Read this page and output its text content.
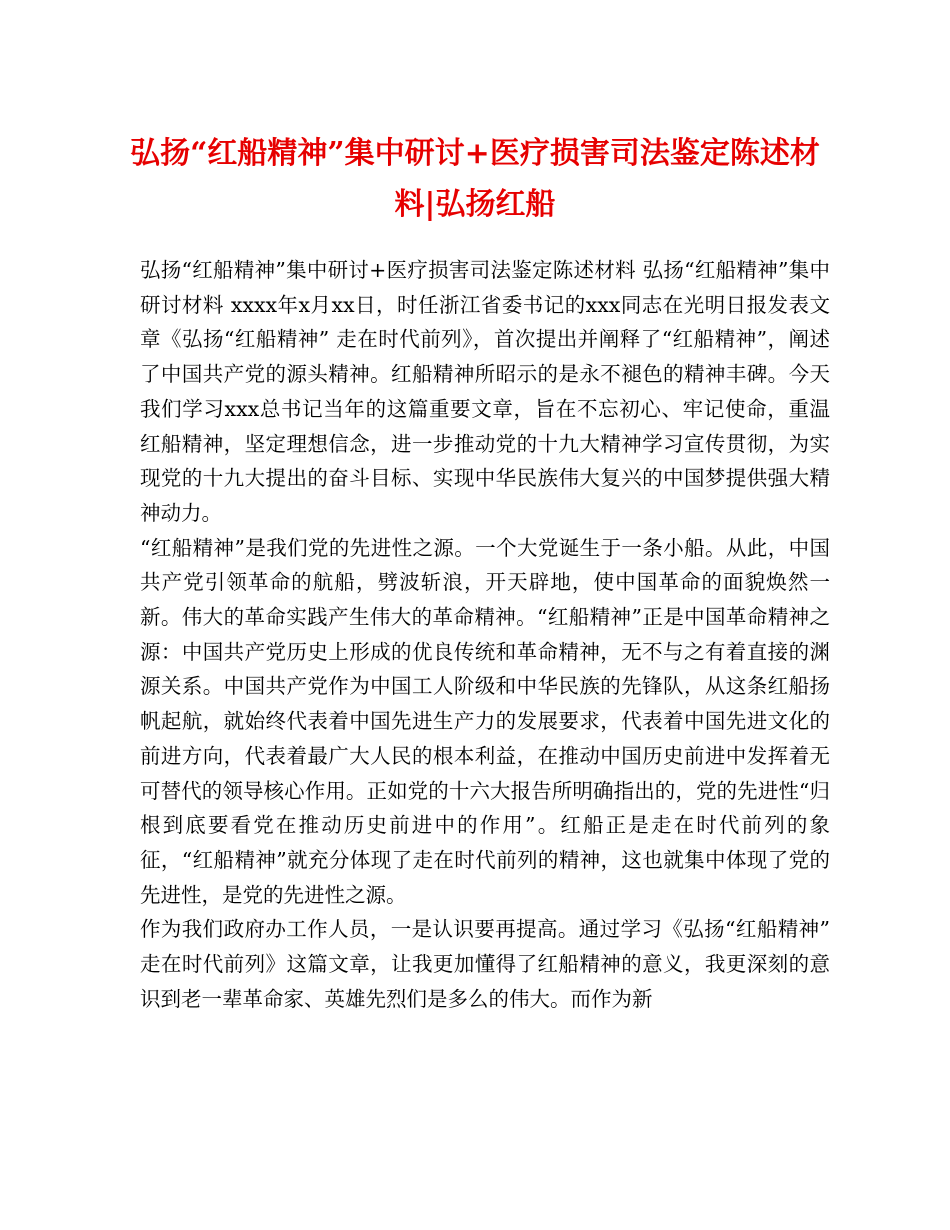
弘扬“红船精神”集中研讨+医疗损害司法鉴定陈述材料|弘扬红船

弘扬“红船精神”集中研讨+医疗损害司法鉴定陈述材料 弘扬“红船精神”集中研讨材料 xxxx年x月xx日，时任浙江省委书记的xxx同志在光明日报发表文章《弘扬“红船精神” 走在时代前列》，首次提出并阐释了“红船精神”，阐述了中国共产党的源头精神。红船精神所昭示的是永不褪色的精神丰碑。今天我们学习xxx总书记当年的这篇重要文章，旨在不忘初心、牢记使命，重温红船精神，坚定理想信念，进一步推动党的十九大精神学习宣传贯彻，为实现党的十九大提出的奋斗目标、实现中华民族伟大复兴的中国梦提供强大精神动力。

“红船精神”是我们党的先进性之源。一个大党诞生于一条小船。从此，中国共产党引领革命的航船，劈波斩浪，开天辟地，使中国革命的面貌焕然一新。伟大的革命实践产生伟大的革命精神。“红船精神”正是中国革命精神之源：中国共产党历史上形成的优良传统和革命精神，无不与之有着直接的渊源关系。中国共产党作为中国工人阶级和中华民族的先锋队，从这条红船扬帆起航，就始终代表着中国先进生产力的发展要求，代表着中国先进文化的前进方向，代表着最广大人民的根本利益，在推动中国历史前进中发挥着无可替代的领导核心作用。正如党的十六大报告所明确指出的，党的先进性“归根到底要看党在推动历史前进中的作用”。红船正是走在时代前列的象征，“红船精神”就充分体现了走在时代前列的精神，这也就集中体现了党的先进性，是党的先进性之源。

作为我们政府办工作人员，一是认识要再提高。通过学习《弘扬“红船精神” 走在时代前列》这篇文章，让我更加懂得了红船精神的意义，我更深刻的意识到老一辈革命家、英雄先烈们是多么的伟大。而作为新
